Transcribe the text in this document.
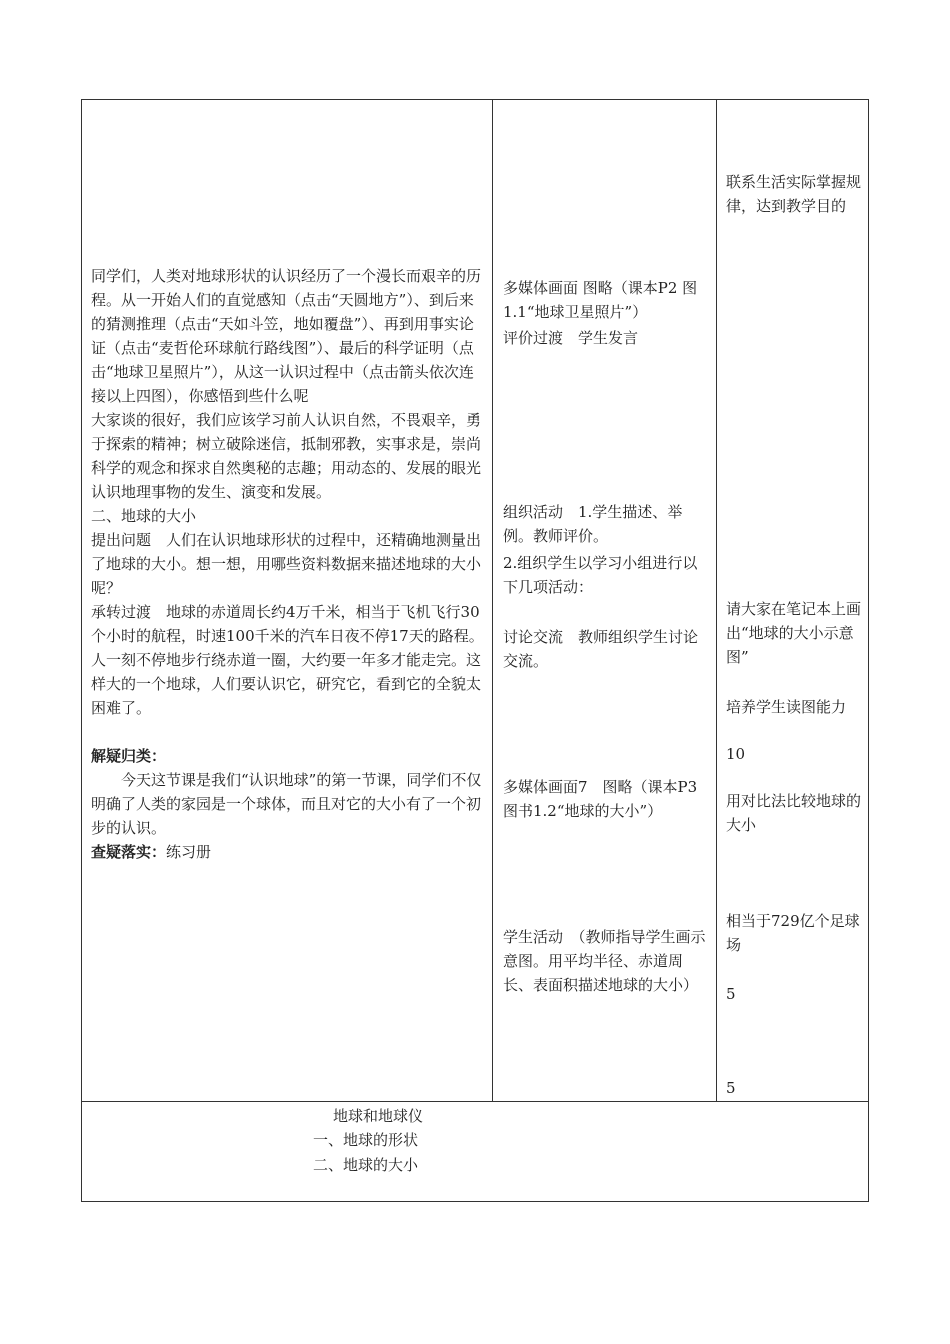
同学们，人类对地球形状的认识经历了一个漫长而艰辛的历程。从一开始人们的直觉感知（点击“天圆地方”）、到后来的猜测推理（点击“天如斗笠，地如覆盘”）、再到用事实论证（点击“麦哲伦环球航行路线图”）、最后的科学证明（点击“地球卫星照片”），从这一认识过程中（点击箭头依次连接以上四图），你感悟到些什么呢

大家谈的很好，我们应该学习前人认识自然，不畏艰辛，勇于探索的精神；树立破除迷信，抵制邪教，实事求是，崇尚科学的观念和探求自然奥秘的志趣；用动态的、发展的眼光认识地理事物的发生、演变和发展。

二、地球的大小

提出问题　人们在认识地球形状的过程中，还精确地测量出了地球的大小。想一想，用哪些资料数据来描述地球的大小呢？

承转过渡　地球的赤道周长约4万千米，相当于飞机飞行30个小时的航程，时速100千米的汽车日夜不停17天的路程。人一刻不停地步行绕赤道一圈，大约要一年多才能走完。这样大的一个地球，人们要认识它，研究它，看到它的全貌太困难了。

解疑归类：

今天这节课是我们“认识地球”的第一节课，同学们不仅明确了人类的家园是一个球体，而且对它的大小有了一个初步的认识。

查疑落实：练习册

多媒体画面 图略（课本P2 图1.1“地球卫星照片”）
评价过渡　学生发言
组织活动　1.学生描述、举例。教师评价。
2.组织学生以学习小组进行以下几项活动：
讨论交流　教师组织学生讨论交流。
多媒体画面7　图略（课本P3 图书1.2“地球的大小”）
学生活动　（教师指导学生画示意图。用平均半径、赤道周长、表面积描述地球的大小）
联系生活实际掌握规律，达到教学目的
请大家在笔记本上画出“地球的大小示意图”
培养学生读图能力
10
用对比法比较地球的大小
相当于729亿个足球场
5
5
地球和地球仪
一、地球的形状
二、地球的大小
